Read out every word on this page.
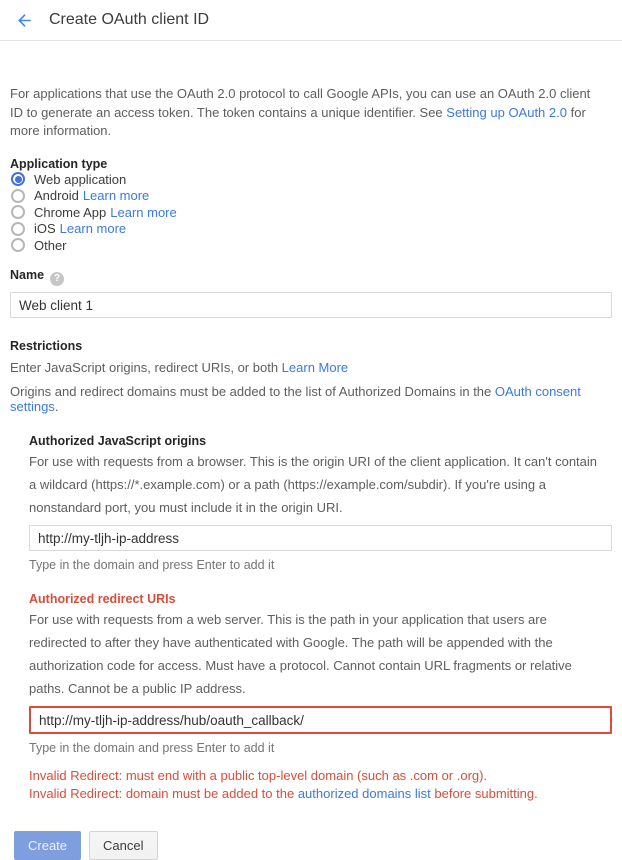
Create OAuth client ID

For applications that use the OAuth 2.0 protocol to call Google APIs, you can use an OAuth 2.0 client ID to generate an access token. The token contains a unique identifier. See Setting up OAuth 2.0 for more information.

Application type
Web application
Android Learn more
Chrome App Learn more
iOS Learn more
Other
Name ?
Web client 1
Restrictions

Enter JavaScript origins, redirect URIs, or both Learn More

Origins and redirect domains must be added to the list of Authorized Domains in the OAuth consent settings.

Authorized JavaScript origins

For use with requests from a browser. This is the origin URI of the client application. It can't contain a wildcard (https://*.example.com) or a path (https://example.com/subdir). If you're using a nonstandard port, you must include it in the origin URI.

http://my-tljh-ip-address
Type in the domain and press Enter to add it
Authorized redirect URIs

For use with requests from a web server. This is the path in your application that users are redirected to after they have authenticated with Google. The path will be appended with the authorization code for access. Must have a protocol. Cannot contain URL fragments or relative paths. Cannot be a public IP address.

http://my-tljh-ip-address/hub/oauth_callback/
Type in the domain and press Enter to add it
Invalid Redirect: must end with a public top-level domain (such as .com or .org).
Invalid Redirect: domain must be added to the authorized domains list before submitting.
Create	Cancel
